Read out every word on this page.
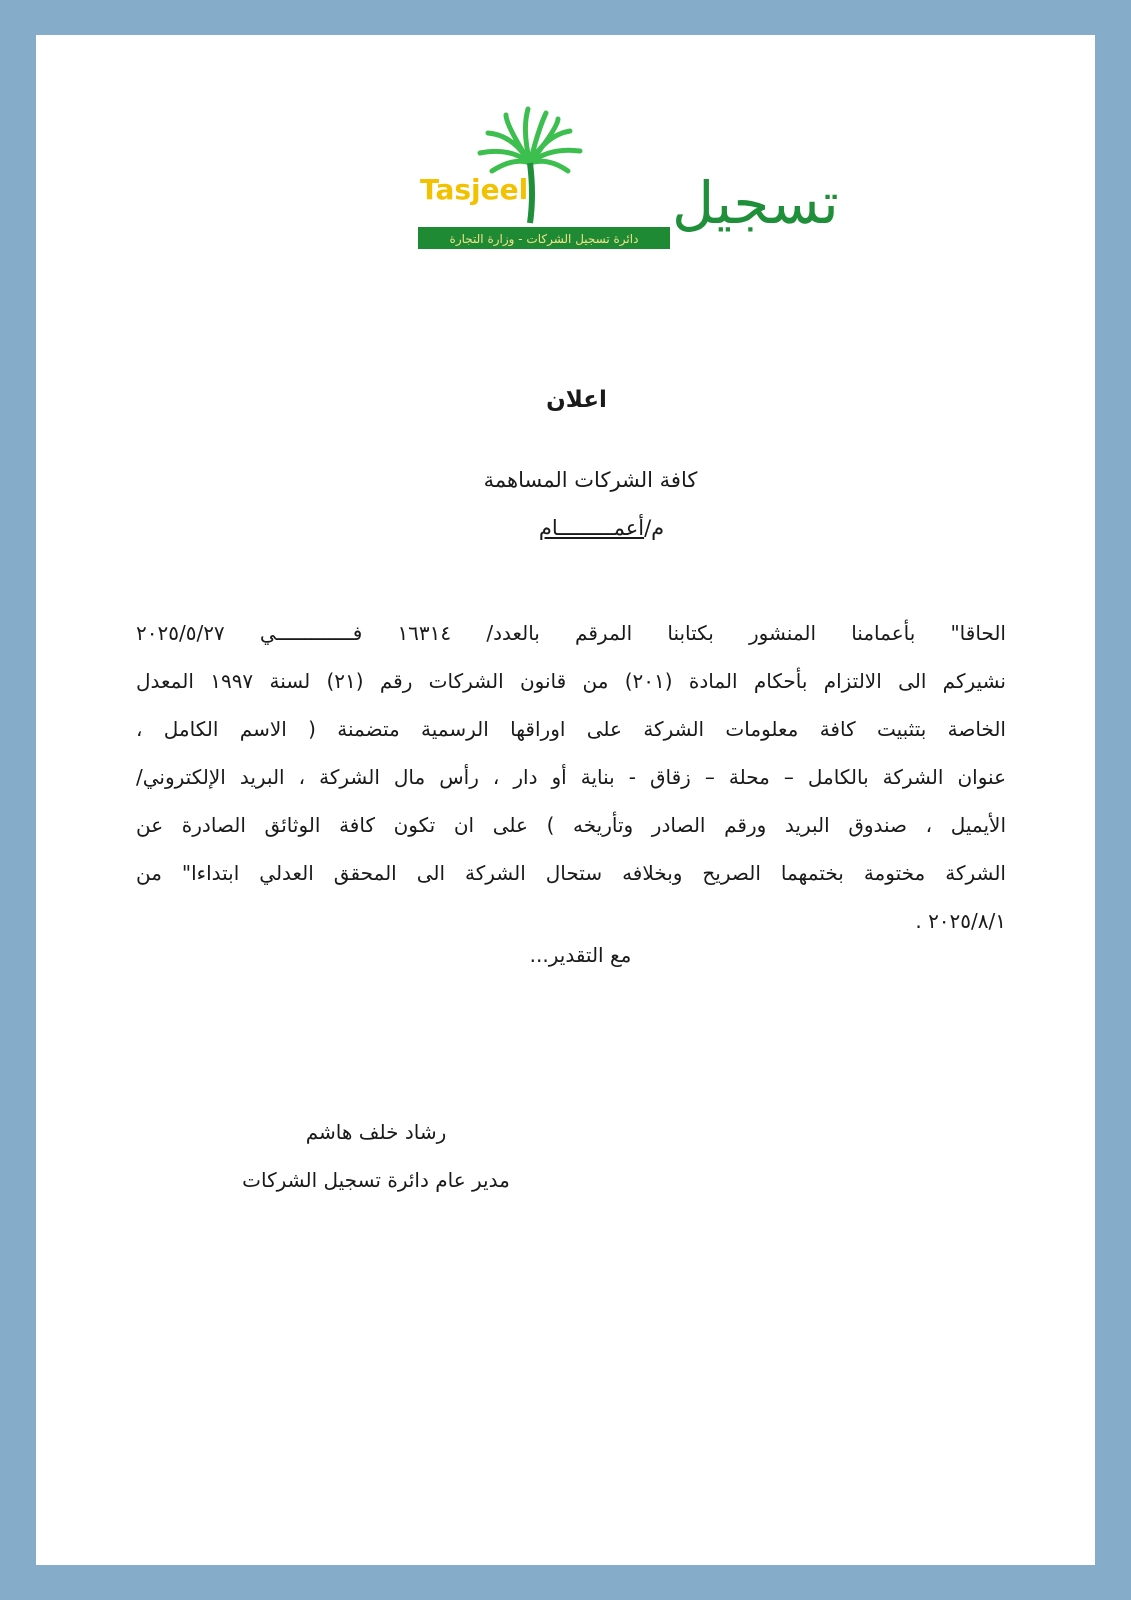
Tasjeel تسجيل
دائرة تسجيل الشركات - وزارة التجارة
اعلان
كافة الشركات المساهمة
م/أعمـــــــــام
الحاقا" بأعمامنا المنشور بكتابنا المرقم بالعدد/ ١٦٣١٤ فـــــــــــــي ٢٠٢٥/٥/٢٧
نشيركم الى الالتزام بأحكام المادة (٢٠١) من قانون الشركات رقم (٢١) لسنة ١٩٩٧ المعدل
الخاصة بتثبيت كافة معلومات الشركة على اوراقها الرسمية متضمنة ( الاسم الكامل ،
عنوان الشركة بالكامل – محلة – زقاق - بناية أو دار ، رأس مال الشركة ، البريد الإلكتروني/
الأيميل ، صندوق البريد ورقم الصادر وتأريخه ) على ان تكون كافة الوثائق الصادرة عن
الشركة مختومة بختمهما الصريح وبخلافه ستحال الشركة الى المحقق العدلي ابتداءا" من
٢٠٢٥/٨/١ .
مع التقدير...
رشاد خلف هاشم
مدير عام دائرة تسجيل الشركات
